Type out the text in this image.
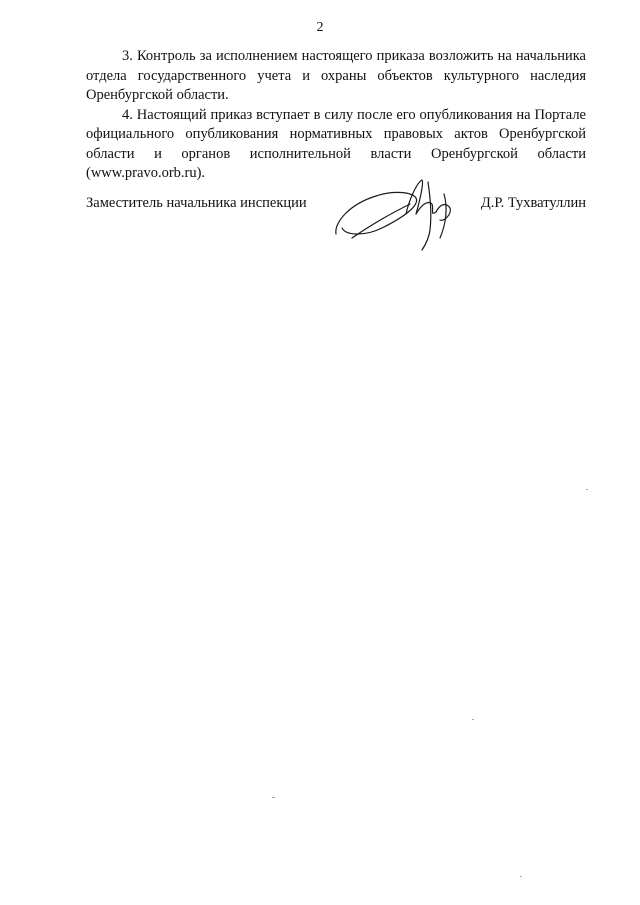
2

3. Контроль за исполнением настоящего приказа возложить на начальника отдела государственного учета и охраны объектов культурного наследия Оренбургской области.

4. Настоящий приказ вступает в силу после его опубликования на Портале официального опубликования нормативных правовых актов Оренбургской области и органов исполнительной власти Оренбургской области (www.pravo.orb.ru).

Заместитель начальника инспекции	Д.Р. Тухватуллин
